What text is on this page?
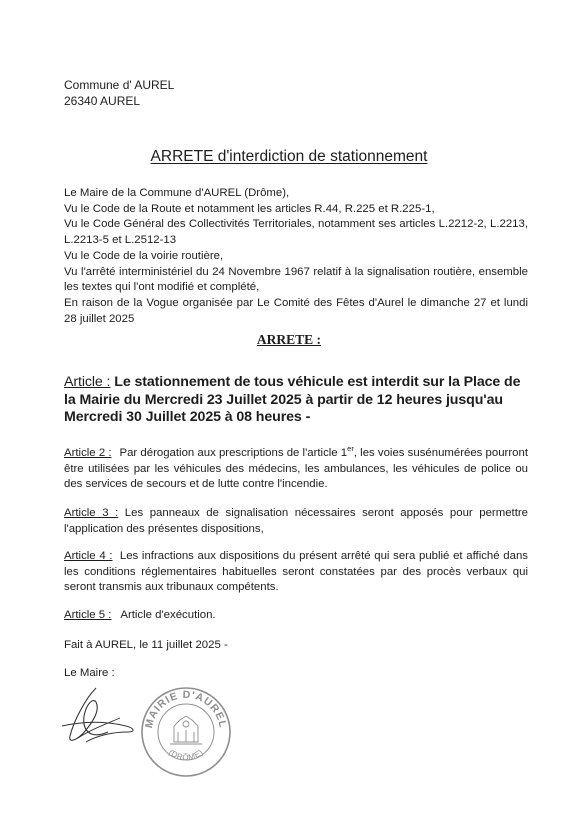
Commune d' AUREL
26340 AUREL
ARRETE d'interdiction de stationnement

Le Maire de la Commune d'AUREL (Drôme),

Vu le Code de la Route et notamment les articles R.44, R.225 et R.225-1,

Vu le Code Général des Collectivités Territoriales, notamment ses articles L.2212-2, L.2213, L.2213-5 et L.2512-13

Vu le Code de la voirie routière,

Vu l'arrêté interministériel du 24 Novembre 1967 relatif à la signalisation routière, ensemble les textes qui l'ont modifié et complété,

En raison de la Vogue organisée par Le Comité des Fêtes d'Aurel le dimanche 27 et lundi 28 juillet 2025

ARRETE :
Article : Le stationnement de tous véhicule est interdit sur la Place de la Mairie du Mercredi 23 Juillet 2025 à partir de 12 heures jusqu'au Mercredi 30 Juillet 2025 à 08 heures -
Article 2 : Par dérogation aux prescriptions de l'article 1er, les voies susénumérées pourront être utilisées par les véhicules des médecins, les ambulances, les véhicules de police ou des services de secours et de lutte contre l'incendie.
Article 3 : Les panneaux de signalisation nécessaires seront apposés pour permettre l'application des présentes dispositions,
Article 4 :  Les infractions aux dispositions du présent arrêté qui sera publié et affiché dans les conditions réglementaires habituelles seront constatées par des procès verbaux qui seront transmis aux tribunaux compétents.
Article 5 :   Article d'exécution.
Fait à AUREL, le 11 juillet 2025 -
Le Maire :
MAIRIE D'AUREL
(DRÔME)
